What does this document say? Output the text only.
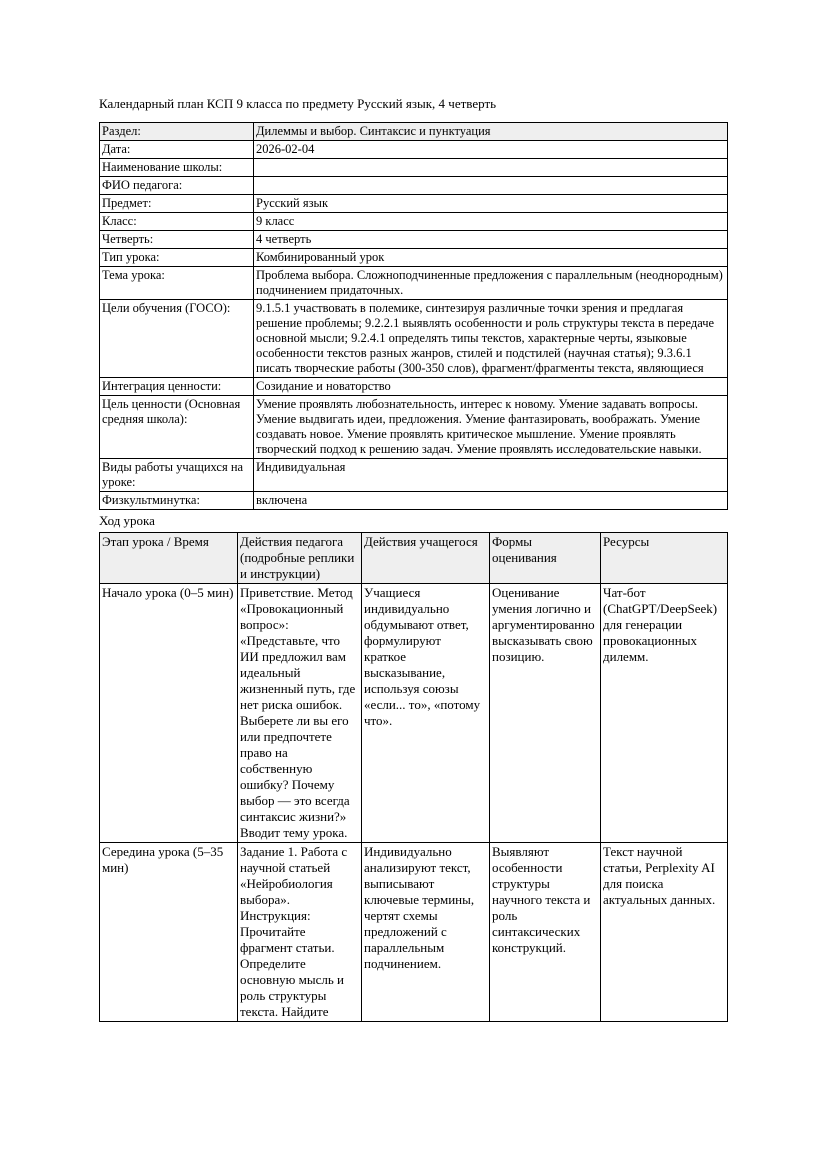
Календарный план КСП 9 класса по предмету Русский язык, 4 четверть

Раздел:	Дилеммы и выбор. Синтаксис и пунктуация
Дата:	2026-02-04
Наименование школы:	
ФИО педагога:	
Предмет:	Русский язык
Класс:	9 класс
Четверть:	4 четверть
Тип урока:	Комбинированный урок
Тема урока:	Проблема выбора. Сложноподчиненные предложения с параллельным (неоднородным) подчинением придаточных.
Цели обучения (ГОСО):	9.1.5.1 участвовать в полемике, синтезируя различные точки зрения и предлагая решение проблемы; 9.2.2.1 выявлять особенности и роль структуры текста в передаче основной мысли; 9.2.4.1 определять типы текстов, характерные черты, языковые особенности текстов разных жанров, стилей и подстилей (научная статья); 9.3.6.1 писать творческие работы (300-350 слов), фрагмент/фрагменты текста, являющиеся
Интеграция ценности:	Созидание и новаторство
Цель ценности (Основная средняя школа):	Умение проявлять любознательность, интерес к новому. Умение задавать вопросы. Умение выдвигать идеи, предложения. Умение фантазировать, воображать. Умение создавать новое. Умение проявлять критическое мышление. Умение проявлять творческий подход к решению задач. Умение проявлять исследовательские навыки.
Виды работы учащихся на уроке:	Индивидуальная
Физкультминутка:	включена

Ход урока

Этап урока / Время	Действия педагога (подробные реплики и инструкции)	Действия учащегося	Формы оценивания	Ресурсы
Начало урока (0–5 мин)	Приветствие. Метод «Провокационный вопрос»: «Представьте, что ИИ предложил вам идеальный жизненный путь, где нет риска ошибок. Выберете ли вы его или предпочтете право на собственную ошибку? Почему выбор — это всегда синтаксис жизни?» Вводит тему урока.	Учащиеся индивидуально обдумывают ответ, формулируют краткое высказывание, используя союзы «если... то», «потому что».	Оценивание умения логично и аргументированно высказывать свою позицию.	Чат-бот (ChatGPT/DeepSeek) для генерации провокационных дилемм.
Середина урока (5–35 мин)	Задание 1. Работа с научной статьей «Нейробиология выбора». Инструкция: Прочитайте фрагмент статьи. Определите основную мысль и роль структуры текста. Найдите	Индивидуально анализируют текст, выписывают ключевые термины, чертят схемы предложений с параллельным подчинением.	Выявляют особенности структуры научного текста и роль синтаксических конструкций.	Текст научной статьи, Perplexity AI для поиска актуальных данных.
